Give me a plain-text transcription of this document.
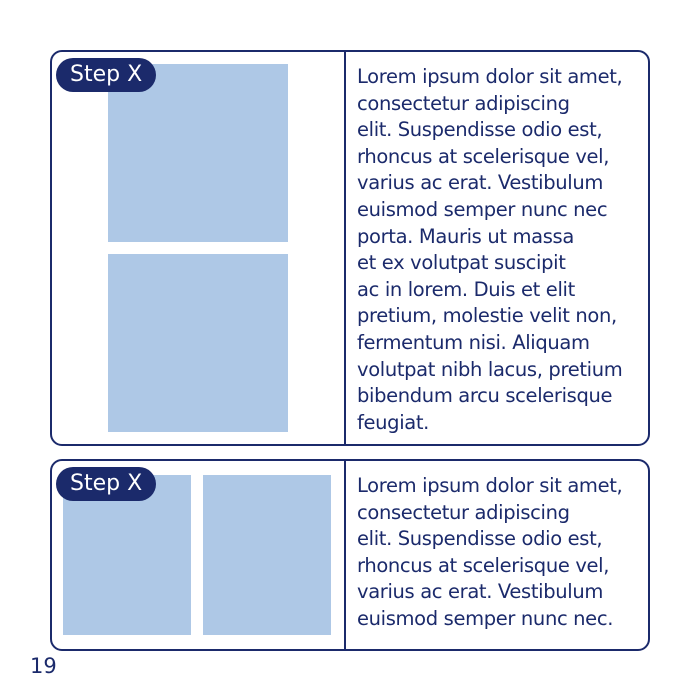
Step X	Lorem ipsum dolor sit amet,
consectetur adipiscing
elit. Suspendisse odio est,
rhoncus at scelerisque vel,
varius ac erat. Vestibulum
euismod semper nunc nec
porta. Mauris ut massa
et ex volutpat suscipit
ac in lorem. Duis et elit
pretium, molestie velit non,
fermentum nisi. Aliquam
volutpat nibh lacus, pretium
bibendum arcu scelerisque
feugiat.

Step X	Lorem ipsum dolor sit amet,
consectetur adipiscing
elit. Suspendisse odio est,
rhoncus at scelerisque vel,
varius ac erat. Vestibulum
euismod semper nunc nec.

19
